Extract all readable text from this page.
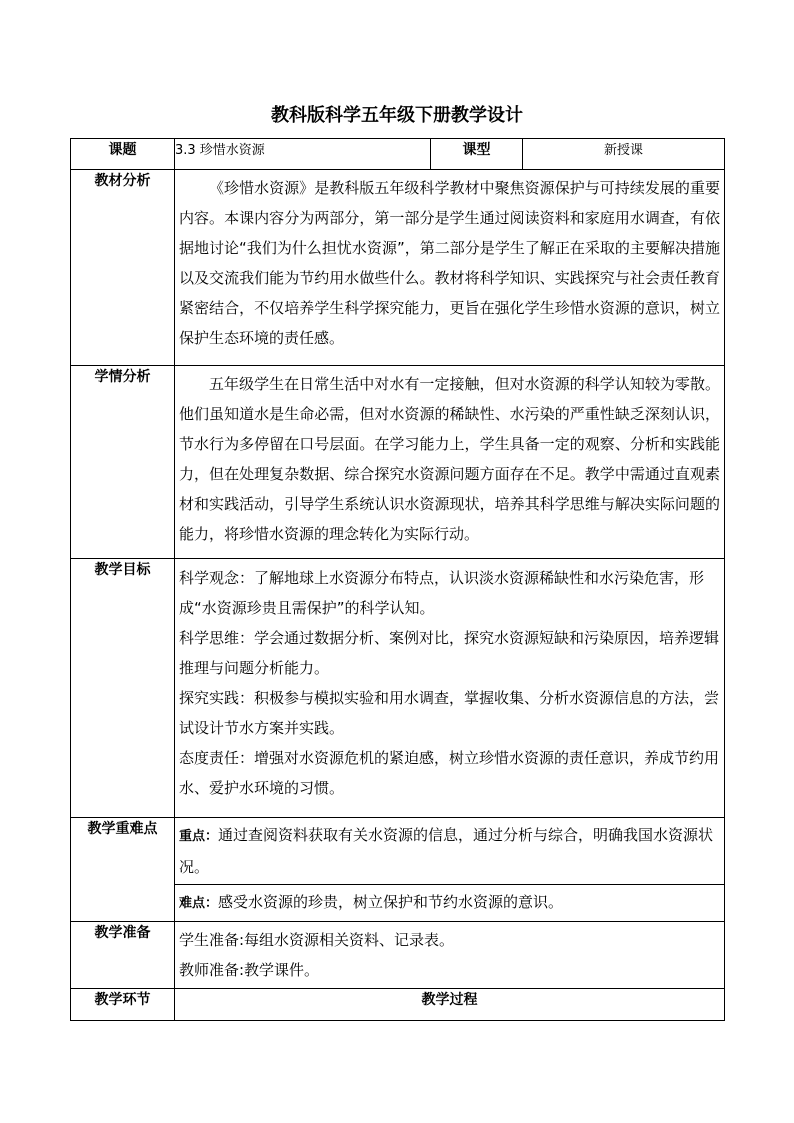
教科版科学五年级下册教学设计
课题	3.3 珍惜水资源	课型	新授课
教材分析	《珍惜水资源》是教科版五年级科学教材中聚焦资源保护与可持续发展的重要内容。本课内容分为两部分，第一部分是学生通过阅读资料和家庭用水调查，有依据地讨论“我们为什么担忧水资源”，第二部分是学生了解正在采取的主要解决措施以及交流我们能为节约用水做些什么。教材将科学知识、实践探究与社会责任教育紧密结合，不仅培养学生科学探究能力，更旨在强化学生珍惜水资源的意识，树立保护生态环境的责任感。		

学情分析	五年级学生在日常生活中对水有一定接触，但对水资源的科学认知较为零散。他们虽知道水是生命必需，但对水资源的稀缺性、水污染的严重性缺乏深刻认识，节水行为多停留在口号层面。在学习能力上，学生具备一定的观察、分析和实践能力，但在处理复杂数据、综合探究水资源问题方面存在不足。教学中需通过直观素材和实践活动，引导学生系统认识水资源现状，培养其科学思维与解决实际问题的能力，将珍惜水资源的理念转化为实际行动。		

教学目标	科学观念：了解地球上水资源分布特点，认识淡水资源稀缺性和水污染危害，形成“水资源珍贵且需保护”的科学认知。

科学思维：学会通过数据分析、案例对比，探究水资源短缺和污染原因，培养逻辑推理与问题分析能力。

探究实践：积极参与模拟实验和用水调查，掌握收集、分析水资源信息的方法，尝试设计节水方案并实践。

态度责任：增强对水资源危机的紧迫感，树立珍惜水资源的责任意识，养成节约用水、爱护水环境的习惯。		

教学重难点	重点：通过查阅资料获取有关水资源的信息，通过分析与综合，明确我国水资源状况。		

	难点：感受水资源的珍贵，树立保护和节约水资源的意识。		

教学准备	学生准备:每组水资源相关资料、记录表。

教师准备:教学课件。		

教学环节	教学过程		
